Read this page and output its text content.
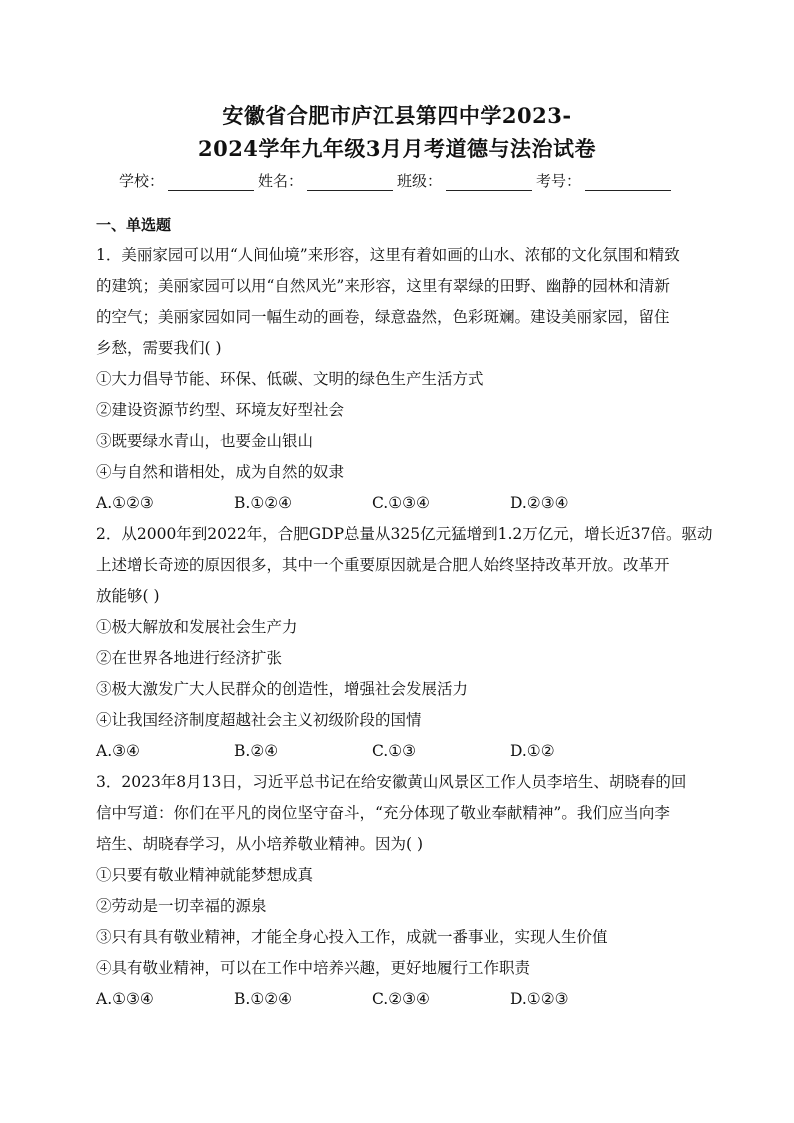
安徽省合肥市庐江县第四中学2023-
2024学年九年级3月月考道德与法治试卷
学校：	姓名：	班级：	考号：
一、单选题
1．美丽家园可以用“人间仙境”来形容，这里有着如画的山水、浓郁的文化氛围和精致
的建筑；美丽家园可以用“自然风光”来形容，这里有翠绿的田野、幽静的园林和清新
的空气；美丽家园如同一幅生动的画卷，绿意盎然，色彩斑斓。建设美丽家园，留住
乡愁，需要我们( )
①大力倡导节能、环保、低碳、文明的绿色生产生活方式
②建设资源节约型、环境友好型社会
③既要绿水青山，也要金山银山
④与自然和谐相处，成为自然的奴隶
A.①②③	B.①②④	C.①③④	D.②③④
2．从2000年到2022年，合肥GDP总量从325亿元猛增到1.2万亿元，增长近37倍。驱动
上述增长奇迹的原因很多，其中一个重要原因就是合肥人始终坚持改革开放。改革开
放能够( )
①极大解放和发展社会生产力
②在世界各地进行经济扩张
③极大激发广大人民群众的创造性，增强社会发展活力
④让我国经济制度超越社会主义初级阶段的国情
A.③④	B.②④	C.①③	D.①②
3．2023年8月13日，习近平总书记在给安徽黄山风景区工作人员李培生、胡晓春的回
信中写道：你们在平凡的岗位坚守奋斗，“充分体现了敬业奉献精神”。我们应当向李
培生、胡晓春学习，从小培养敬业精神。因为( )
①只要有敬业精神就能梦想成真
②劳动是一切幸福的源泉
③只有具有敬业精神，才能全身心投入工作，成就一番事业，实现人生价值
④具有敬业精神，可以在工作中培养兴趣，更好地履行工作职责
A.①③④	B.①②④	C.②③④	D.①②③
